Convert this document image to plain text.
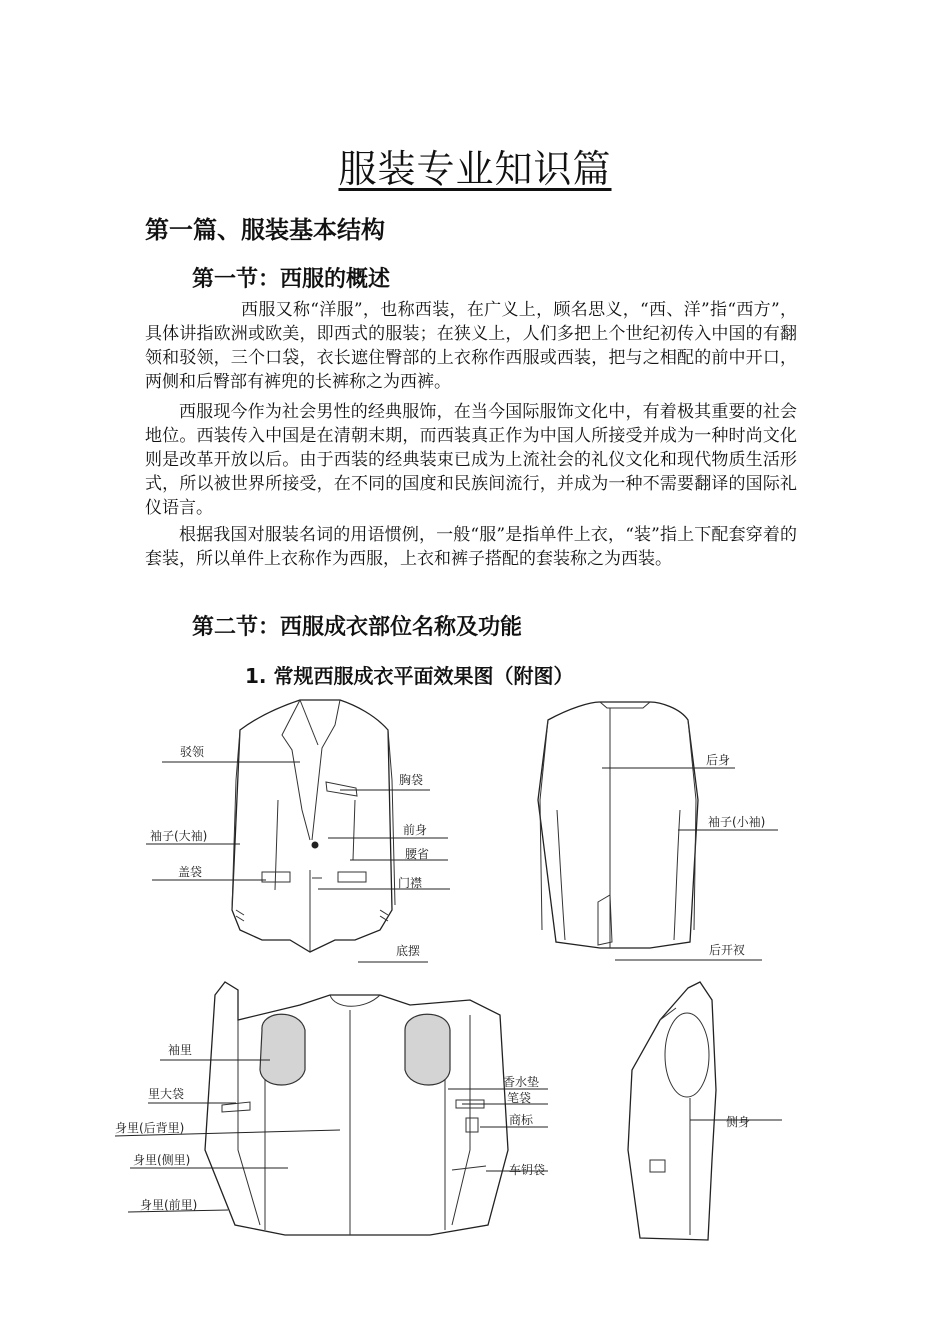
服装专业知识篇
第一篇、服装基本结构
第一节：西服的概述

西服又称“洋服”，也称西装，在广义上，顾名思义，“西、洋”指“西方”，具体讲指欧洲或欧美，即西式的服装；在狭义上，人们多把上个世纪初传入中国的有翻领和驳领，三个口袋，衣长遮住臀部的上衣称作西服或西装，把与之相配的前中开口，两侧和后臀部有裤兜的长裤称之为西裤。

西服现今作为社会男性的经典服饰，在当今国际服饰文化中，有着极其重要的社会地位。西装传入中国是在清朝末期，而西装真正作为中国人所接受并成为一种时尚文化则是改革开放以后。由于西装的经典装束已成为上流社会的礼仪文化和现代物质生活形式，所以被世界所接受，在不同的国度和民族间流行，并成为一种不需要翻译的国际礼仪语言。

根据我国对服装名词的用语惯例，一般“服”是指单件上衣，“装”指上下配套穿着的套装，所以单件上衣称作为西服，上衣和裤子搭配的套装称之为西装。

第二节：西服成衣部位名称及功能
1. 常规西服成衣平面效果图（附图）
驳领
胸袋
前身
袖子(大袖)
腰省
盖袋
门襟
底摆
后身
袖子(小袖)
后开衩
袖里
里大袋
身里(后背里)
身里(侧里)
身里(前里)
香水垫
笔袋
商标
车钥袋
侧身
